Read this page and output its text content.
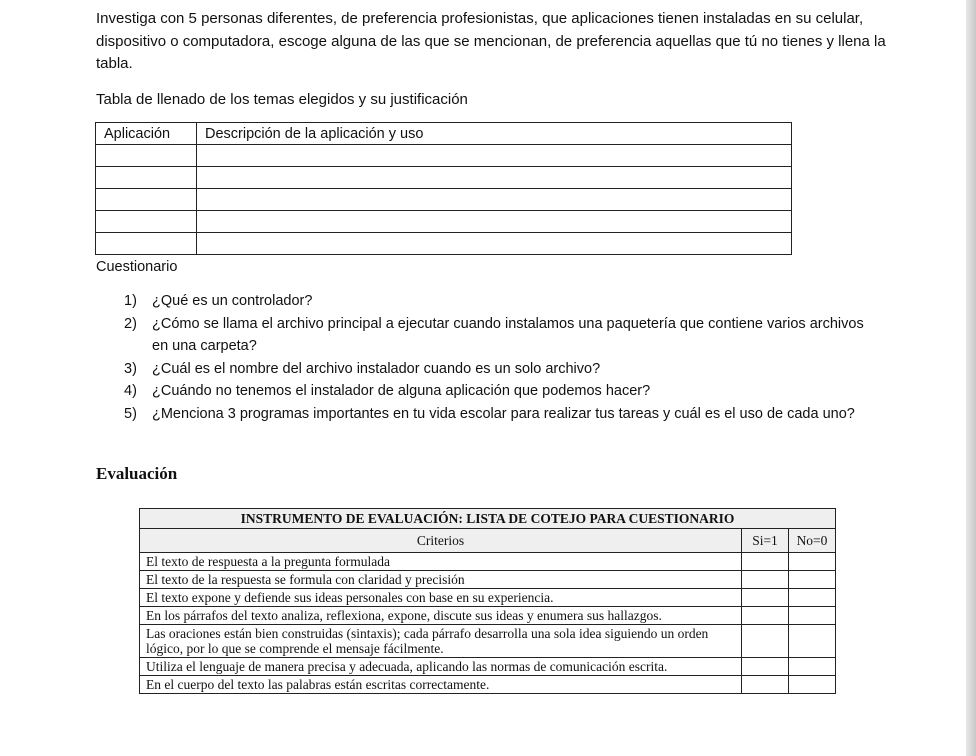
Investiga con 5 personas diferentes, de preferencia profesionistas, que aplicaciones tienen instaladas en su celular, dispositivo o computadora, escoge alguna de las que se mencionan, de preferencia aquellas que tú no tienes y llena la tabla.

Tabla de llenado de los temas elegidos y su justificación
Aplicación	Descripción de la aplicación y uso

Cuestionario
1) ¿Qué es un controlador?
2) ¿Cómo se llama el archivo principal a ejecutar cuando instalamos una paquetería que contiene varios archivos en una carpeta?
3) ¿Cuál es el nombre del archivo instalador cuando es un solo archivo?
4) ¿Cuándo no tenemos el instalador de alguna aplicación que podemos hacer?
5) ¿Menciona 3 programas importantes en tu vida escolar para realizar tus tareas y cuál es el uso de cada uno?
Evaluación
INSTRUMENTO DE EVALUACIÓN: LISTA DE COTEJO PARA CUESTIONARIO		
Criterios	Si=1	No=0
El texto de respuesta a la pregunta formulada		
El texto de la respuesta se formula con claridad y precisión		
El texto expone y defiende sus ideas personales con base en su experiencia.		
En los párrafos del texto analiza, reflexiona, expone, discute sus ideas y enumera sus hallazgos.		
Las oraciones están bien construidas (sintaxis); cada párrafo desarrolla una sola idea siguiendo un orden lógico, por lo que se comprende el mensaje fácilmente.		
Utiliza el lenguaje de manera precisa y adecuada, aplicando las normas de comunicación escrita.		
En el cuerpo del texto las palabras están escritas correctamente.		
